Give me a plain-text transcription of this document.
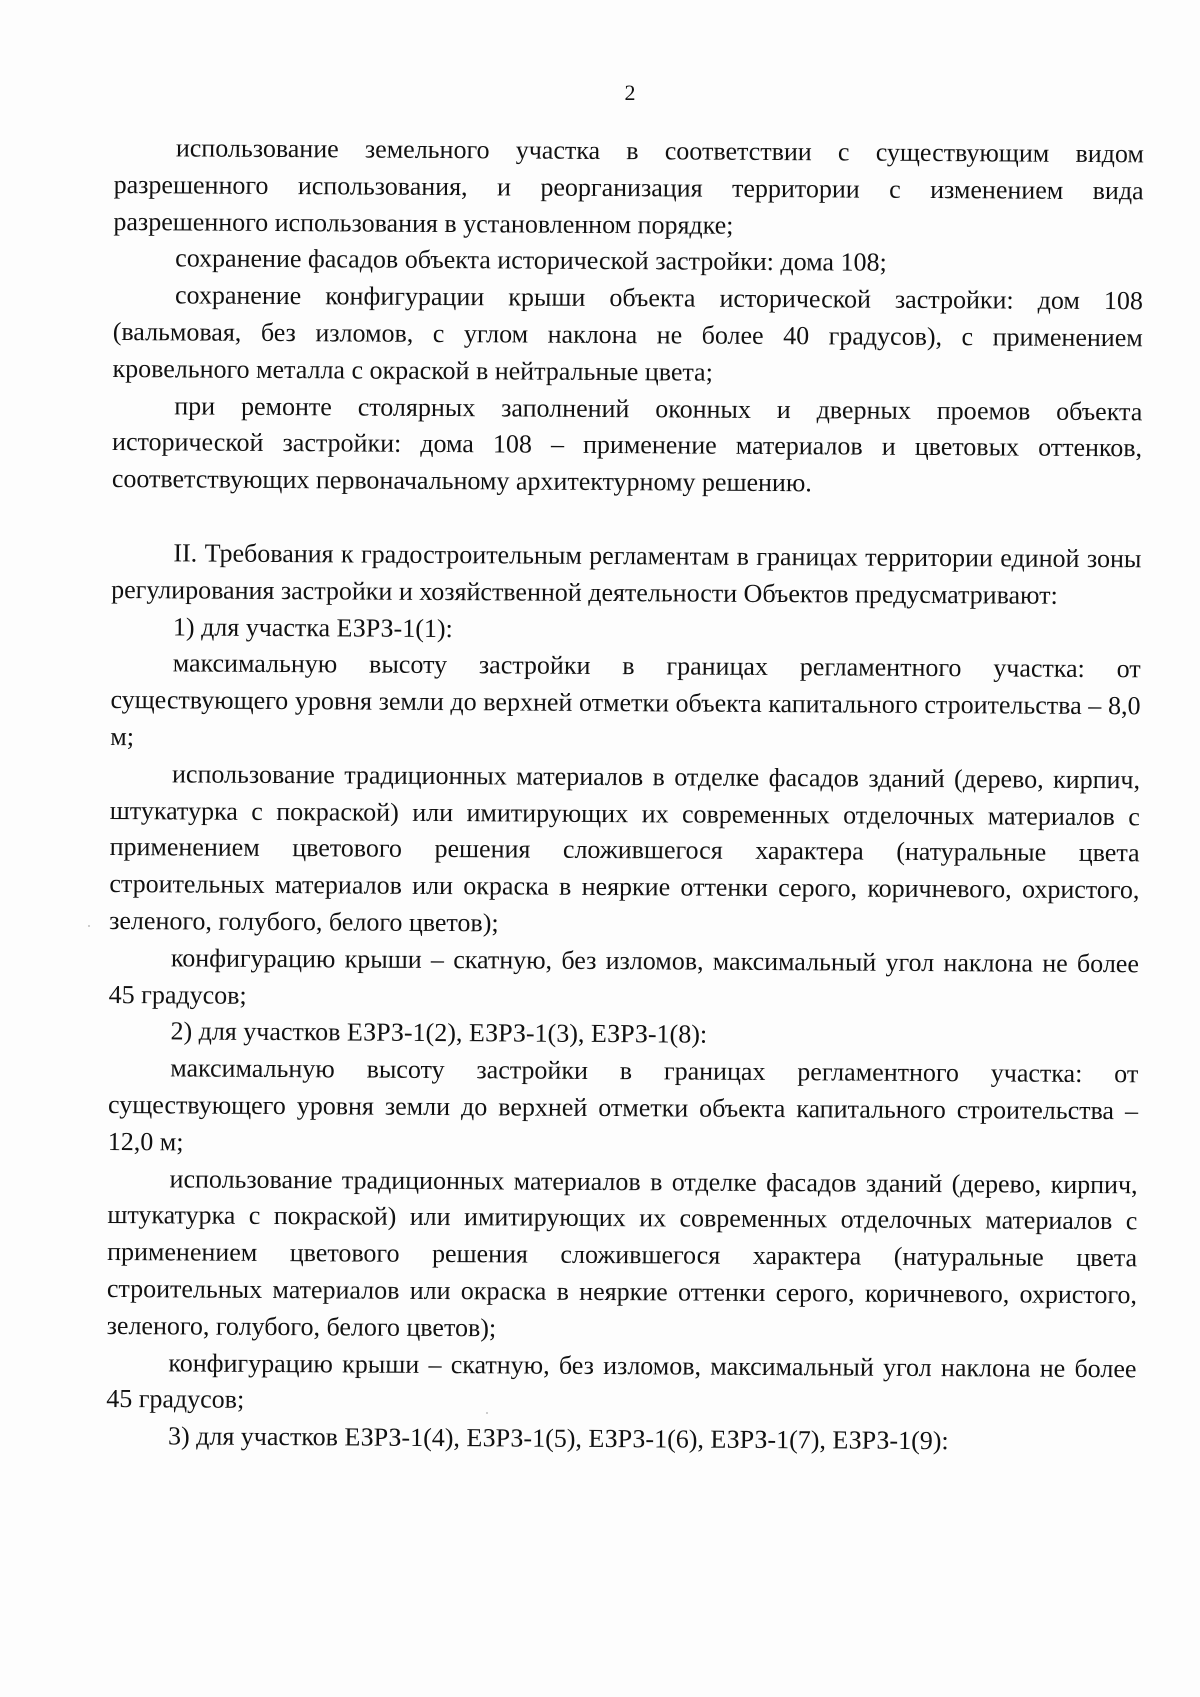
2

использование земельного участка в соответствии с существующим видом разрешенного использования, и реорганизация территории с изменением вида разрешенного использования в установленном порядке;

сохранение фасадов объекта исторической застройки: дома 108;

сохранение конфигурации крыши объекта исторической застройки: дом 108 (вальмовая, без изломов, с углом наклона не более 40 градусов), с применением кровельного металла с окраской в нейтральные цвета;

при ремонте столярных заполнений оконных и дверных проемов объекта исторической застройки: дома 108 – применение материалов и цветовых оттенков, соответствующих первоначальному архитектурному решению.

II. Требования к градостроительным регламентам в границах территории единой зоны регулирования застройки и хозяйственной деятельности Объектов предусматривают:

1) для участка ЕЗРЗ-1(1):

максимальную высоту застройки в границах регламентного участка: от существующего уровня земли до верхней отметки объекта капитального строительства – 8,0 м;

использование традиционных материалов в отделке фасадов зданий (дерево, кирпич, штукатурка с покраской) или имитирующих их современных отделочных материалов с применением цветового решения сложившегося характера (натуральные цвета строительных материалов или окраска в неяркие оттенки серого, коричневого, охристого, зеленого, голубого, белого цветов);

конфигурацию крыши – скатную, без изломов, максимальный угол наклона не более 45 градусов;

2) для участков ЕЗРЗ-1(2), ЕЗРЗ-1(3), ЕЗРЗ-1(8):

максимальную высоту застройки в границах регламентного участка: от существующего уровня земли до верхней отметки объекта капитального строительства – 12,0 м;

использование традиционных материалов в отделке фасадов зданий (дерево, кирпич, штукатурка с покраской) или имитирующих их современных отделочных материалов с применением цветового решения сложившегося характера (натуральные цвета строительных материалов или окраска в неяркие оттенки серого, коричневого, охристого, зеленого, голубого, белого цветов);

конфигурацию крыши – скатную, без изломов, максимальный угол наклона не более 45 градусов;

3) для участков ЕЗРЗ-1(4), ЕЗРЗ-1(5), ЕЗРЗ-1(6), ЕЗРЗ-1(7), ЕЗРЗ-1(9):
